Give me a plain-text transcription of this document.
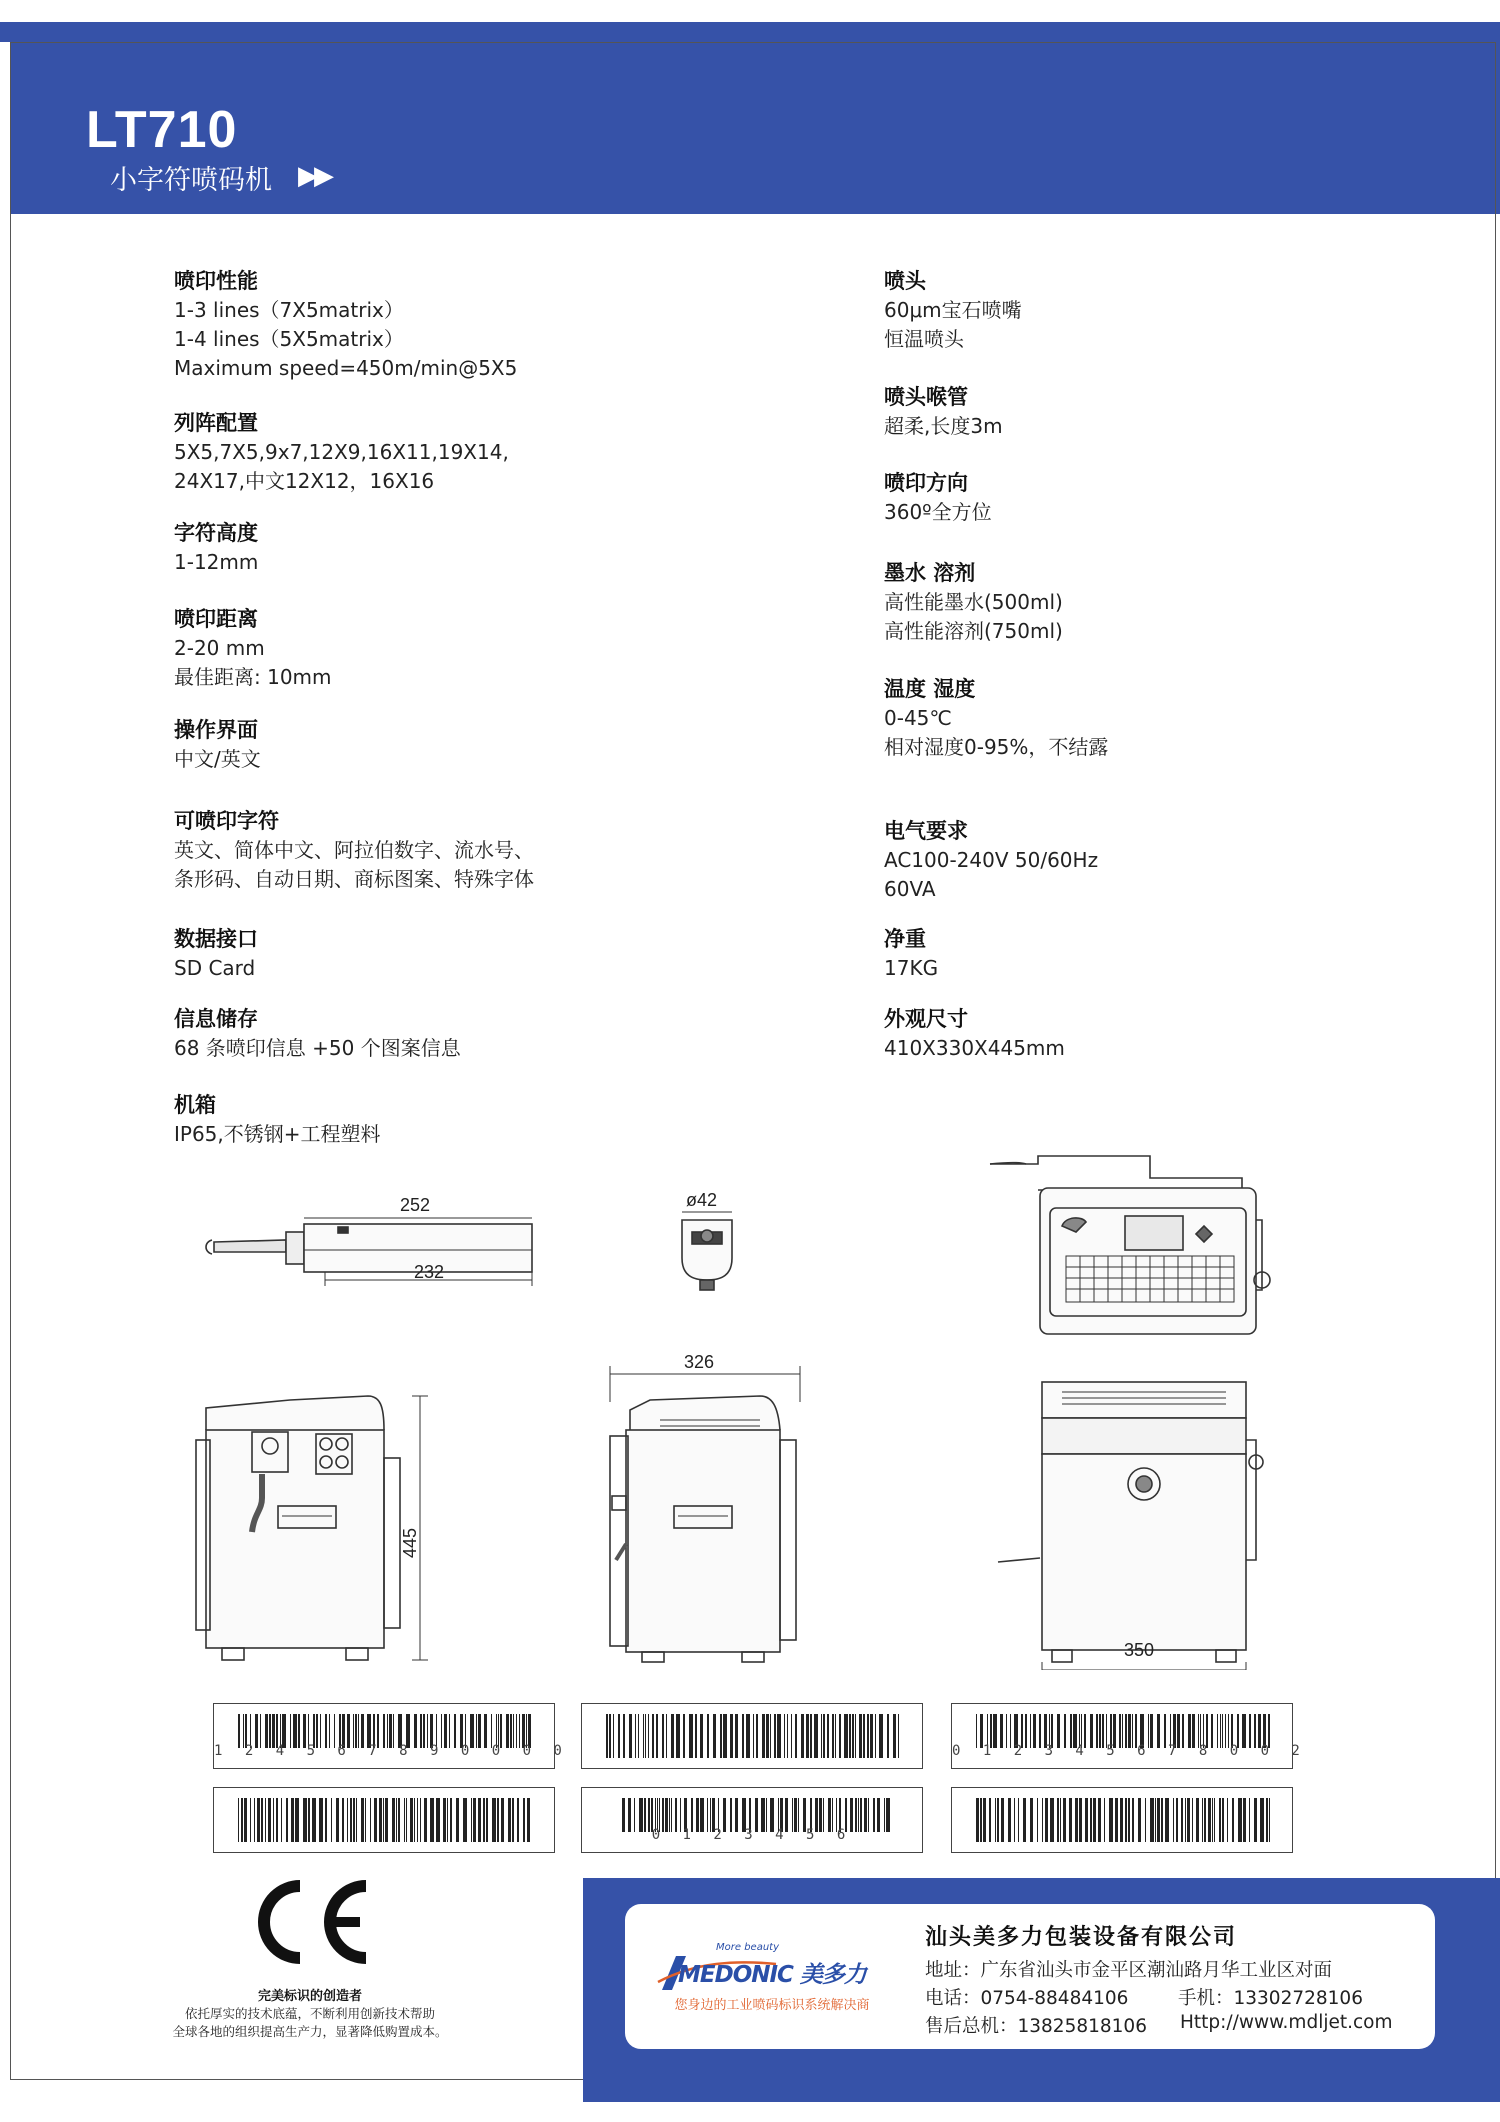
LT710
小字符喷码机 ▶▶
喷印性能
1-3 lines（7X5matrix）
1-4 lines（5X5matrix）
Maximum speed=450m/min@5X5
列阵配置
5X5,7X5,9x7,12X9,16X11,19X14,
24X17,中文12X12，16X16
字符高度
1-12mm
喷印距离
2-20 mm
最佳距离: 10mm
操作界面
中文/英文
可喷印字符
英文、简体中文、阿拉伯数字、流水号、
条形码、自动日期、商标图案、特殊字体
数据接口
SD Card
信息储存
68 条喷印信息 +50 个图案信息
机箱
IP65,不锈钢+工程塑料
喷头
60μm宝石喷嘴
恒温喷头
喷头喉管
超柔,长度3m
喷印方向
360º全方位
墨水 溶剂
高性能墨水(500ml)
高性能溶剂(750ml)
温度 湿度
0-45℃
相对湿度0-95%，不结露
电气要求
AC100-240V 50/60Hz
60VA
净重
17KG
外观尺寸
410X330X445mm
252
232
ø42
326
445
350
1 2 4 5 6 7 8 9 0 0 0 0	0 1 2 3 4 5 6 7 8 0 0 2
0 1 2 3 4 5 6
完美标识的创造者
依托厚实的技术底蕴，不断利用创新技术帮助
全球各地的组织提高生产力，显著降低购置成本。
More beauty
MEDONIC 美多力
您身边的工业喷码标识系统解决商
汕头美多力包装设备有限公司
地址：广东省汕头市金平区潮汕路月华工业区对面
电话：0754-88484106	手机：13302728106
售后总机：13825818106 Http://www.mdljet.com
